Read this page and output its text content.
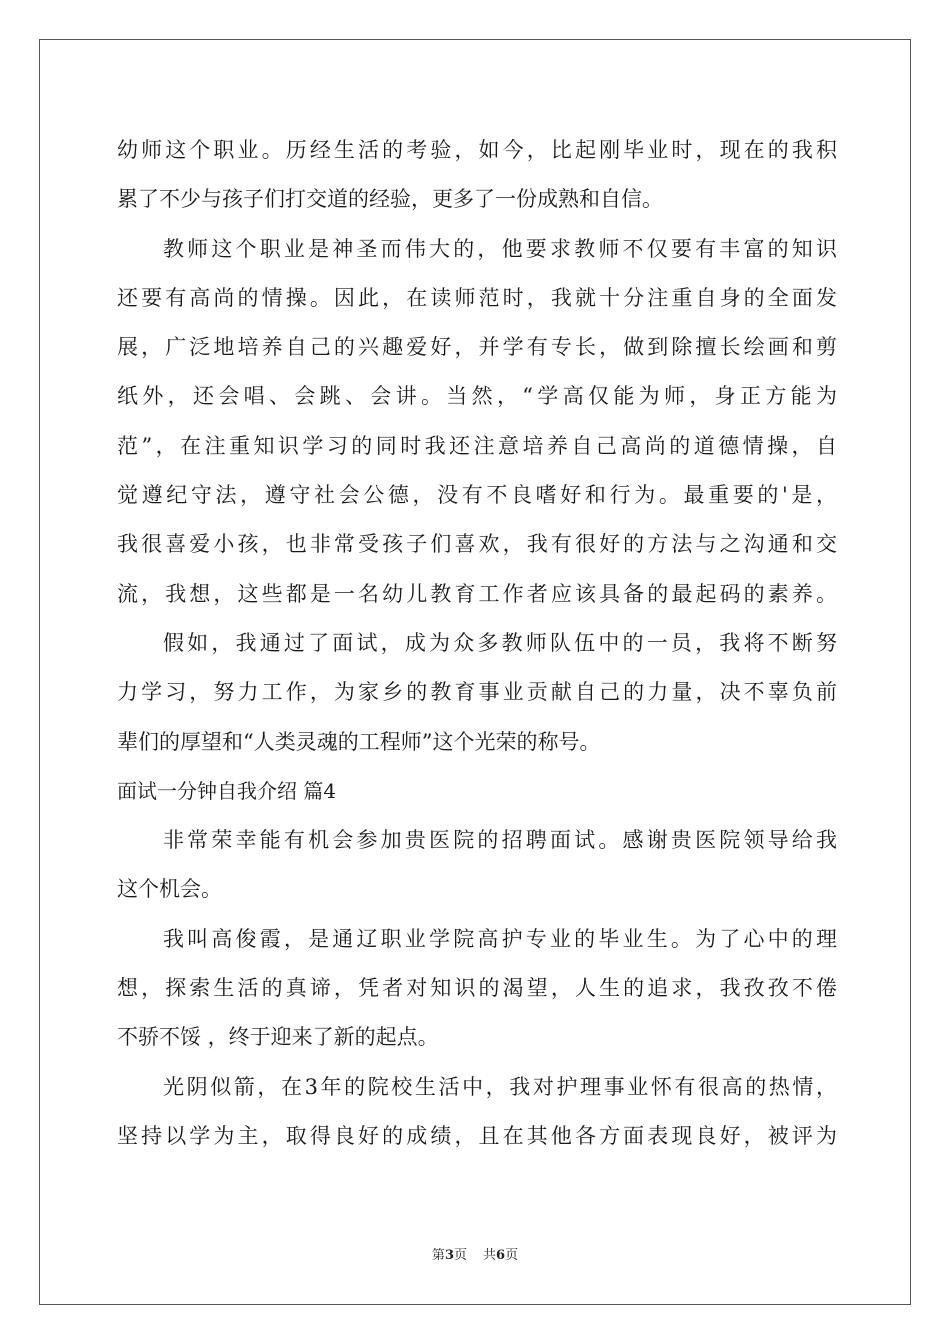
幼师这个职业。历经生活的考验，如今，比起刚毕业时，现在的我积
累了不少与孩子们打交道的经验，更多了一份成熟和自信。
教师这个职业是神圣而伟大的，他要求教师不仅要有丰富的知识
还要有高尚的情操。因此，在读师范时，我就十分注重自身的全面发
展，广泛地培养自己的兴趣爱好，并学有专长，做到除擅长绘画和剪
纸外，还会唱、会跳、会讲。当然，“学高仅能为师，身正方能为
范”，在注重知识学习的同时我还注意培养自己高尚的道德情操，自
觉遵纪守法，遵守社会公德，没有不良嗜好和行为。最重要的'是，
我很喜爱小孩，也非常受孩子们喜欢，我有很好的方法与之沟通和交
流，我想，这些都是一名幼儿教育工作者应该具备的最起码的素养。
假如，我通过了面试，成为众多教师队伍中的一员，我将不断努
力学习，努力工作，为家乡的教育事业贡献自己的力量，决不辜负前
辈们的厚望和“人类灵魂的工程师”这个光荣的称号。
面试一分钟自我介绍 篇4
非常荣幸能有机会参加贵医院的招聘面试。感谢贵医院领导给我
这个机会。
我叫高俊霞，是通辽职业学院高护专业的毕业生。为了心中的理
想，探索生活的真谛，凭者对知识的渴望，人生的追求，我孜孜不倦
不骄不馁 ，终于迎来了新的起点。
光阴似箭，在3年的院校生活中，我对护理事业怀有很高的热情，
坚持以学为主，取得良好的成绩，且在其他各方面表现良好，被评为
第3页 共6页
